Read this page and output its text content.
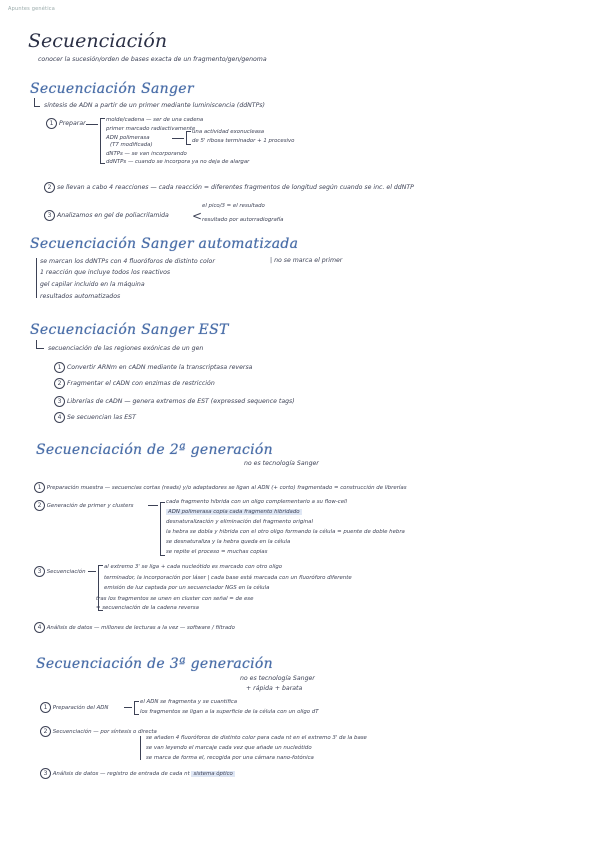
Apuntes genética
Secuenciación
conocer la sucesión/orden de bases exacta de un fragmento/gen/genoma
Secuenciación Sanger
síntesis de ADN a partir de un primer mediante luminiscencia (ddNTPs)
1 Preparar	molde/cadena — ser de una cadena
primer marcado radiactivamente
ADN polimerasa
(T7 modificada)
una actividad exonucleasa
de 5' ribosa terminador + 1 procesivo
dNTPs — se van incorporando
ddNTPs — cuando se incorpora ya no deja de alargar
2 se llevan a cabo 4 reacciones — cada reacción = diferentes fragmentos de longitud según cuando se inc. el ddNTP
3 Analizamos en gel de poliacrilamida <
el pico/3 = el resultado
resultado por autorradiografía
Secuenciación Sanger automatizada
se marcan los ddNTPs con 4 fluoróforos de distinto color	| no se marca el primer
1 reacción que incluye todos los reactivos
gel capilar incluido en la máquina
resultados automatizados
Secuenciación Sanger EST
secuenciación de las regiones exónicas de un gen
1 Convertir ARNm en cADN mediante la transcriptasa reversa
2 Fragmentar el cADN con enzimas de restricción
3 Librerías de cADN — genera extremos de EST (expressed sequence tags)
4 Se secuencian las EST
Secuenciación de 2ª generación
no es tecnología Sanger
1 Preparación muestra — secuencias cortas (reads) y/o adaptadores se ligan al ADN (+ corto) fragmentado = construcción de librerías
2 Generación de primer y clusters
cada fragmento hibrida con un oligo complementario a su flow-cell
ADN polimerasa copia cada fragmento hibridado
desnaturalización y eliminación del fragmento original
la hebra se dobla y hibrida con el otro oligo formando la célula = puente de doble hebra
se desnaturaliza y la hebra queda en la célula
se repite el proceso = muchas copias
3 Secuenciación
al extremo 3' se liga + cada nucleótido es marcado con otro oligo
terminador, la incorporación por láser | cada base está marcada con un fluoróforo diferente
emisión de luz captada por un secuenciador NGS en la célula
tras los fragmentos se unen en cluster con señal = de ese
= secuenciación de la cadena reversa
4 Análisis de datos — millones de lecturas a la vez — software / filtrado
Secuenciación de 3ª generación
no es tecnología Sanger
+ rápida + barata
1 Preparación del ADN
el ADN se fragmenta y se cuantifica
los fragmentos se ligan a la superficie de la célula con un oligo dT
2 Secuenciación — por síntesis o directa
se añaden 4 fluoróforos de distinto color para cada nt en el extremo 3' de la base
se van leyendo el marcaje cada vez que añade un nucleótido
se marca de forma el, recogida por una cámara nano-fotónica
3 Análisis de datos — registro de entrada de cada nt sistema óptico
